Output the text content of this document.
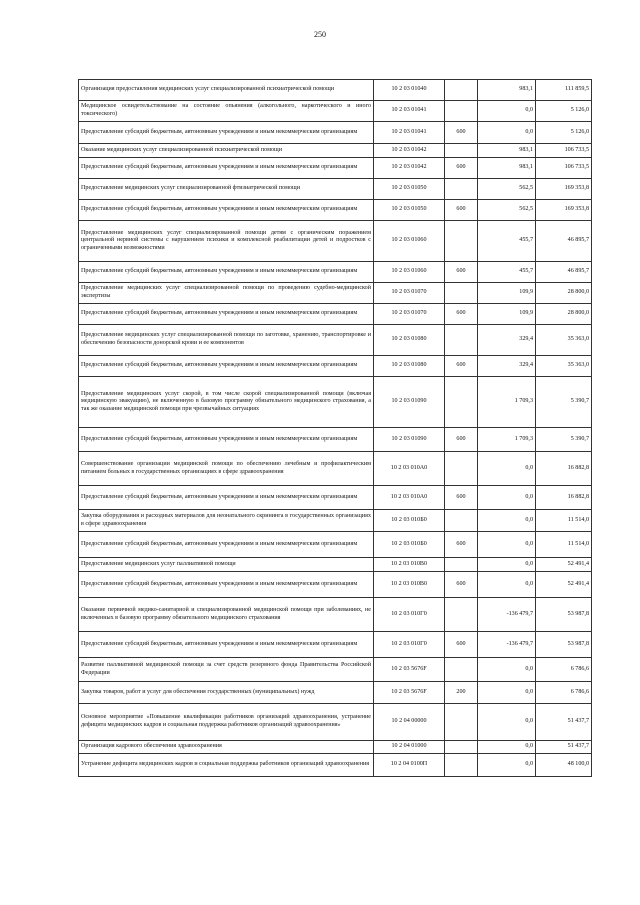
250
Организация предоставления медицинских услуг специализированной психиатрической помощи	10 2 03 01040		983,1	111 859,5
Медицинское освидетельствование на состояние опьянения (алкогольного, наркотического и иного токсического)	10 2 03 01041		0,0	5 126,0
Предоставление субсидий бюджетным, автономным учреждениям и иным некоммерческим организациям	10 2 03 01041	600	0,0	5 126,0
Оказание медицинских услуг специализированной психиатрической помощи	10 2 03 01042		983,1	106 733,5
Предоставление субсидий бюджетным, автономным учреждениям и иным некоммерческим организациям	10 2 03 01042	600	983,1	106 733,5
Предоставление медицинских услуг специализированной фтизиатрической помощи	10 2 03 01050		562,5	169 353,8
Предоставление субсидий бюджетным, автономным учреждениям и иным некоммерческим организациям	10 2 03 01050	600	562,5	169 353,8
Предоставление медицинских услуг специализированной помощи детям с органическим поражением центральной нервной системы с нарушением психики и комплексной реабилитации детей и подростков с ограниченными возможностями	10 2 03 01060		455,7	46 895,7
Предоставление субсидий бюджетным, автономным учреждениям и иным некоммерческим организациям	10 2 03 01060	600	455,7	46 895,7
Предоставление медицинских услуг специализированной помощи по проведению судебно-медицинской экспертизы	10 2 03 01070		109,9	28 800,0
Предоставление субсидий бюджетным, автономным учреждениям и иным некоммерческим организациям	10 2 03 01070	600	109,9	28 800,0
Предоставление медицинских услуг специализированной помощи по заготовке, хранению, транспортировке и обеспечению безопасности донорской крови и ее компонентов	10 2 03 01080		329,4	35 363,0
Предоставление субсидий бюджетным, автономным учреждениям и иным некоммерческим организациям	10 2 03 01080	600	329,4	35 363,0
Предоставление медицинских услуг скорой, в том числе скорой специализированной помощи (включая медицинскую эвакуацию), не включенную в базовую программу обязательного медицинского страхования, а так же оказание медицинской помощи при чрезвычайных ситуациях	10 2 03 01090		1 709,3	5 390,7
Предоставление субсидий бюджетным, автономным учреждениям и иным некоммерческим организациям	10 2 03 01090	600	1 709,3	5 390,7
Совершенствование организации медицинской помощи по обеспечению лечебным и профилактическим питанием больных в государственных организациях в сфере здравоохранения	10 2 03 010А0		0,0	16 882,8
Предоставление субсидий бюджетным, автономным учреждениям и иным некоммерческим организациям	10 2 03 010А0	600	0,0	16 882,8
Закупка оборудования и расходных материалов для неонатального скрининга в государственных организациях в сфере здравоохранения	10 2 03 010Б0		0,0	11 514,0
Предоставление субсидий бюджетным, автономным учреждениям и иным некоммерческим организациям	10 2 03 010Б0	600	0,0	11 514,0
Предоставление медицинских услуг паллиативной помощи	10 2 03 010В0		0,0	52 491,4
Предоставление субсидий бюджетным, автономным учреждениям и иным некоммерческим организациям	10 2 03 010В0	600	0,0	52 491,4
Оказание первичной медико-санитарной и специализированной медицинской помощи при заболеваниях, не включенных в базовую программу обязательного медицинского страхования	10 2 03 010Г0		-136 479,7	53 987,8
Предоставление субсидий бюджетным, автономным учреждениям и иным некоммерческим организациям	10 2 03 010Г0	600	-136 479,7	53 987,8
Развитие паллиативной медицинской помощи за счет средств резервного фонда Правительства Российской Федерации	10 2 03 5676F		0,0	6 786,6
Закупка товаров, работ и услуг для обеспечения государственных (муниципальных) нужд	10 2 03 5676F	200	0,0	6 786,6
Основное мероприятие «Повышение квалификации работников организаций здравоохранения, устранение дефицита медицинских кадров и социальная поддержка работников организаций здравоохранения»	10 2 04 00000		0,0	51 437,7
Организация кадрового обеспечения здравоохранения	10 2 04 01000		0,0	51 437,7
Устранение дефицита медицинских кадров и социальная поддержка работников организаций здравоохранения	10 2 04 0100П		0,0	48 100,0
